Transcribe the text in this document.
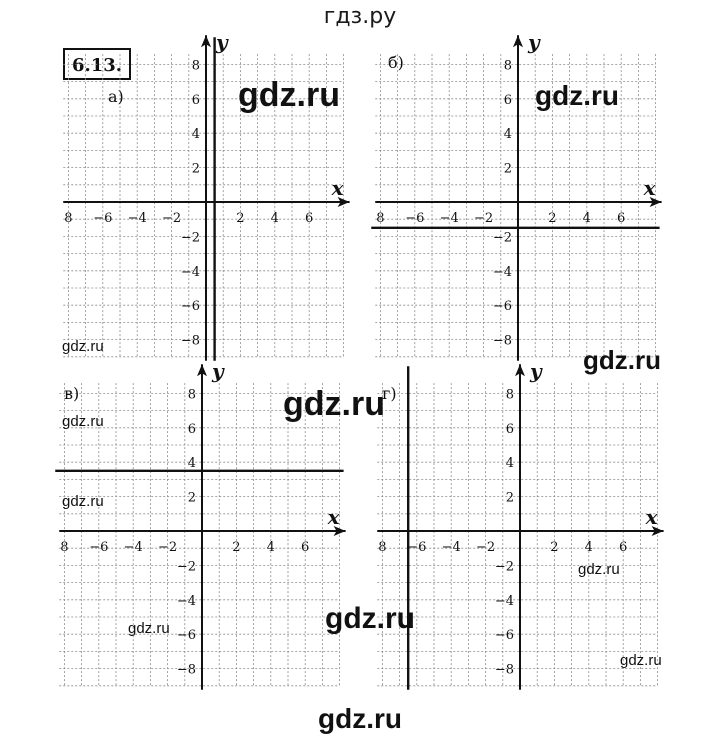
гдз.ру
6.13.
x
y
а)
8 −6 −4 −2	2 4 6
8
6
4
2
−2
−4
−6
−8
x
y
б)
8 −6 −4 −2	2 4 6
8
6
4
2
−2
−4
−6
−8
x
y
в)
8 −6 −4 −2	2 4 6
8
6
4
2
−2
−4
−6
−8
x
y
г)
8 −6 −4 −2	2 4 6
8
6
4
2
−2
−4
−6
−8
gdz.ru	gdz.ru
gdz.ru	gdz.ru
gdz.ru
gdz.ru
gdz.ru
gdz.ru
gdz.ru
gdz.ru
gdz.ru
gdz.ru
